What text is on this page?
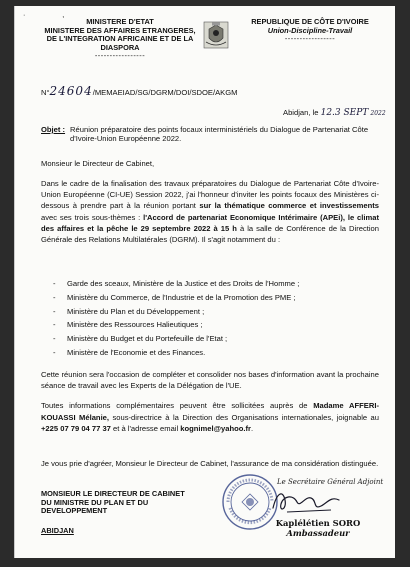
·                   ,
MINISTERE D'ETAT
MINISTERE DES AFFAIRES ETRANGERES,
DE L'INTEGRATION AFRICAINE ET DE LA
DIASPORA
-----------------
REPUBLIQUE DE CÔTE D'IVOIRE
Union-Discipline-Travail
-----------------
N°24604/MEMAEIAD/SG/DGRM/DOI/SDOE/AKGM
Abidjan, le 12.3 SEPT 2022
Objet : Réunion préparatoire des points focaux interministériels du Dialogue de Partenariat Côte d'Ivoire-Union Européenne 2022.
Monsieur le Directeur de Cabinet,
Dans le cadre de la finalisation des travaux préparatoires du Dialogue de Partenariat Côte d'Ivoire-Union Européenne (CI-UE) Session 2022, j'ai l'honneur d'inviter les points focaux des Ministères ci-dessous à prendre part à la réunion portant sur la thématique commerce et investissements avec ses trois sous-thèmes : l'Accord de partenariat Economique Intérimaire (APEi), le climat des affaires et la pêche le 29 septembre 2022 à 15 h à la salle de Conférence de la Direction Générale des Relations Multilatérales (DGRM). Il s'agit notamment du :
- Garde des sceaux, Ministère de la Justice et des Droits de l'Homme ;
- Ministère du Commerce, de l'Industrie et de la Promotion des PME ;
- Ministère du Plan et du Développement ;
- Ministère des Ressources Halieutiques ;
- Ministère du Budget et du Portefeuille de l'Etat ;
- Ministère de l'Economie et des Finances.
Cette réunion sera l'occasion de compléter et consolider nos bases d'information avant la prochaine séance de travail avec les Experts de la Délégation de l'UE.
Toutes informations complémentaires peuvent être sollicitées auprès de Madame AFFERI-KOUASSI Mélanie, sous-directrice à la Direction des Organisations internationales, joignable au +225 07 79 04 77 37 et à l'adresse email kognimel@yahoo.fr.
Je vous prie d'agréer, Monsieur le Directeur de Cabinet, l'assurance de ma considération distinguée.
MONSIEUR LE DIRECTEUR DE CABINET
DU MINISTRE DU PLAN ET DU
DEVELOPPEMENT
ABIDJAN
Le Secrétaire Général Adjoint
Kaplélétien SORO
Ambassadeur
